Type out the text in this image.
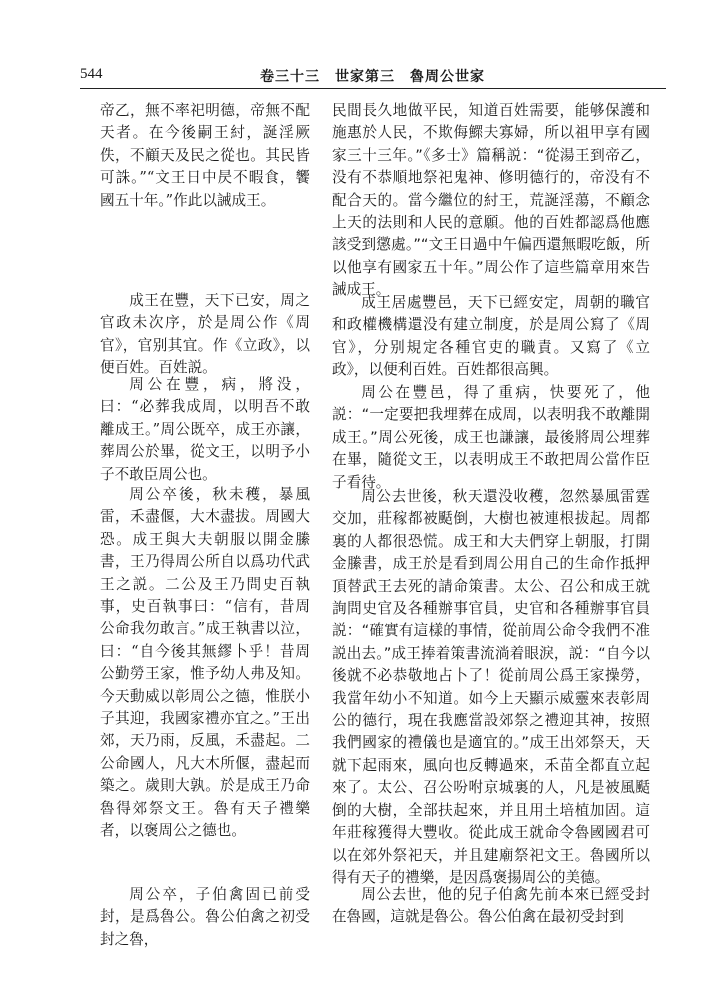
544	卷三十三　世家第三　魯周公世家

帝乙，無不率祀明德，帝無不配天者。在今後嗣王紂，誕淫厥佚，不顧天及民之從也。其民皆可誅。”“文王日中昃不暇食，饗國五十年。”作此以誡成王。

成王在豐，天下已安，周之官政未次序，於是周公作《周官》，官别其宜。作《立政》，以便百姓。百姓説。

周公在豐，病，將没，曰：“必葬我成周，以明吾不敢離成王。”周公既卒，成王亦讓，葬周公於畢，從文王，以明予小子不敢臣周公也。

周公卒後，秋未穫，暴風雷，禾盡偃，大木盡拔。周國大恐。成王與大夫朝服以開金縢書，王乃得周公所自以爲功代武王之説。二公及王乃問史百執事，史百執事曰：“信有，昔周公命我勿敢言。”成王執書以泣，曰：“自今後其無繆卜乎！昔周公勤勞王家，惟予幼人弗及知。今天動威以彰周公之德，惟朕小子其迎，我國家禮亦宜之。”王出郊，天乃雨，反風，禾盡起。二公命國人，凡大木所偃，盡起而築之。歲則大孰。於是成王乃命魯得郊祭文王。魯有天子禮樂者，以褒周公之德也。

周公卒，子伯禽固已前受封，是爲魯公。魯公伯禽之初受封之魯，

民間長久地做平民，知道百姓需要，能够保護和施惠於人民，不欺侮鰥夫寡婦，所以祖甲享有國家三十三年。”《多士》篇稱説：“從湯王到帝乙，没有不恭順地祭祀鬼神、修明德行的，帝没有不配合天的。當今繼位的紂王，荒誕淫蕩，不顧念上天的法則和人民的意願。他的百姓都認爲他應該受到懲處。”“文王日過中午偏西還無暇吃飯，所以他享有國家五十年。”周公作了這些篇章用來告誡成王。

成王居處豐邑，天下已經安定，周朝的職官和政權機構還没有建立制度，於是周公寫了《周官》，分别規定各種官吏的職責。又寫了《立政》，以便利百姓。百姓都很高興。

周公在豐邑，得了重病，快要死了，他説：“一定要把我埋葬在成周，以表明我不敢離開成王。”周公死後，成王也謙讓，最後將周公埋葬在畢，隨從文王，以表明成王不敢把周公當作臣子看待。

周公去世後，秋天還没收穫，忽然暴風雷霆交加，莊稼都被颳倒，大樹也被連根拔起。周都裏的人都很恐慌。成王和大夫們穿上朝服，打開金縢書，成王於是看到周公用自己的生命作抵押頂替武王去死的請命策書。太公、召公和成王就詢問史官及各種辦事官員，史官和各種辦事官員説：“確實有這樣的事情，從前周公命令我們不准説出去。”成王捧着策書流淌着眼淚，説：“自今以後就不必恭敬地占卜了！從前周公爲王家操勞，我當年幼小不知道。如今上天顯示威靈來表彰周公的德行，現在我應當設郊祭之禮迎其神，按照我們國家的禮儀也是適宜的。”成王出郊祭天，天就下起雨來，風向也反轉過來，禾苗全都直立起來了。太公、召公吩咐京城裏的人，凡是被風颳倒的大樹，全部扶起來，并且用土培植加固。這年莊稼獲得大豐收。從此成王就命令魯國國君可以在郊外祭祀天，并且建廟祭祀文王。魯國所以得有天子的禮樂，是因爲褒揚周公的美德。

周公去世，他的兒子伯禽先前本來已經受封在魯國，這就是魯公。魯公伯禽在最初受封到
